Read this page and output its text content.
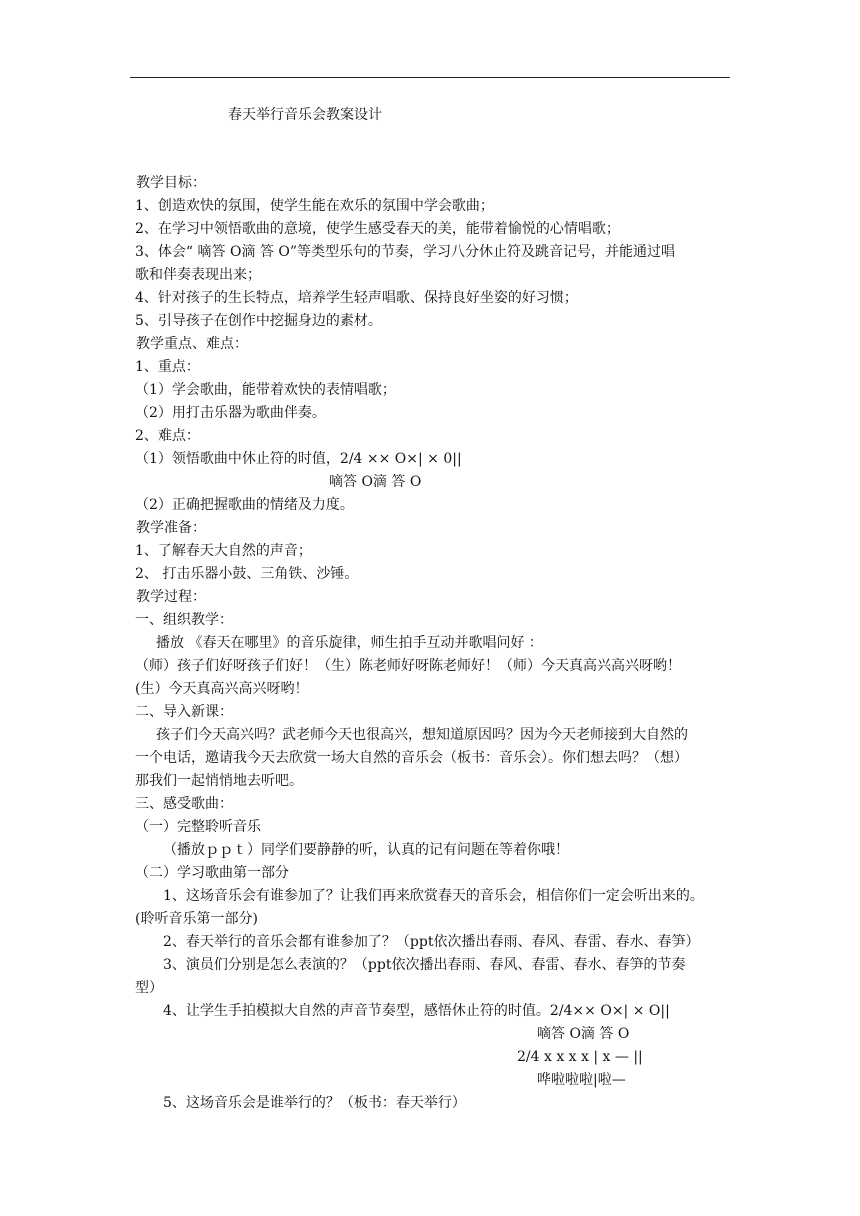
春天举行音乐会教案设计
教学目标：
1、创造欢快的氛围，使学生能在欢乐的氛围中学会歌曲；
2、在学习中领悟歌曲的意境，使学生感受春天的美，能带着愉悦的心情唱歌；
3、体会“ 嘀答 O滴 答 O”等类型乐句的节奏，学习八分休止符及跳音记号，并能通过唱
歌和伴奏表现出来；
4、针对孩子的生长特点，培养学生轻声唱歌、保持良好坐姿的好习惯；
5、引导孩子在创作中挖掘身边的素材。
教学重点、难点：
1、重点：
（1）学会歌曲，能带着欢快的表情唱歌；
（2）用打击乐器为歌曲伴奏。
2、难点：
（1）领悟歌曲中休止符的时值，2/4 ×× O×| × 0||
嘀答 O滴 答 O
（2）正确把握歌曲的情绪及力度。
教学准备：
1、了解春天大自然的声音；
2、 打击乐器小鼓、三角铁、沙锤。
教学过程：
一、组织教学：
播放 《春天在哪里》的音乐旋律，师生拍手互动并歌唱问好 ：
（师）孩子们好呀孩子们好！（生）陈老师好呀陈老师好！（师）今天真高兴高兴呀哟！
(生）今天真高兴高兴呀哟！
二、导入新课：
孩子们今天高兴吗？武老师今天也很高兴，想知道原因吗？因为今天老师接到大自然的
一个电话，邀请我今天去欣赏一场大自然的音乐会（板书：音乐会）。你们想去吗？（想）
那我们一起悄悄地去听吧。
三、感受歌曲：
（一）完整聆听音乐
（播放ｐｐｔ）同学们要静静的听，认真的记有问题在等着你哦！
（二）学习歌曲第一部分
1、这场音乐会有谁参加了？让我们再来欣赏春天的音乐会，相信你们一定会听出来的。
(聆听音乐第一部分)
2、春天举行的音乐会都有谁参加了？（ppt依次播出春雨、春风、春雷、春水、春笋）
3、演员们分别是怎么表演的？（ppt依次播出春雨、春风、春雷、春水、春笋的节奏
型）
4、让学生手拍模拟大自然的声音节奏型，感悟休止符的时值。2/4×× O×| × O||
嘀答 O滴 答 O
2/4 x x x x | x — ||
哗啦啦啦|啦—
5、这场音乐会是谁举行的？（板书：春天举行）
